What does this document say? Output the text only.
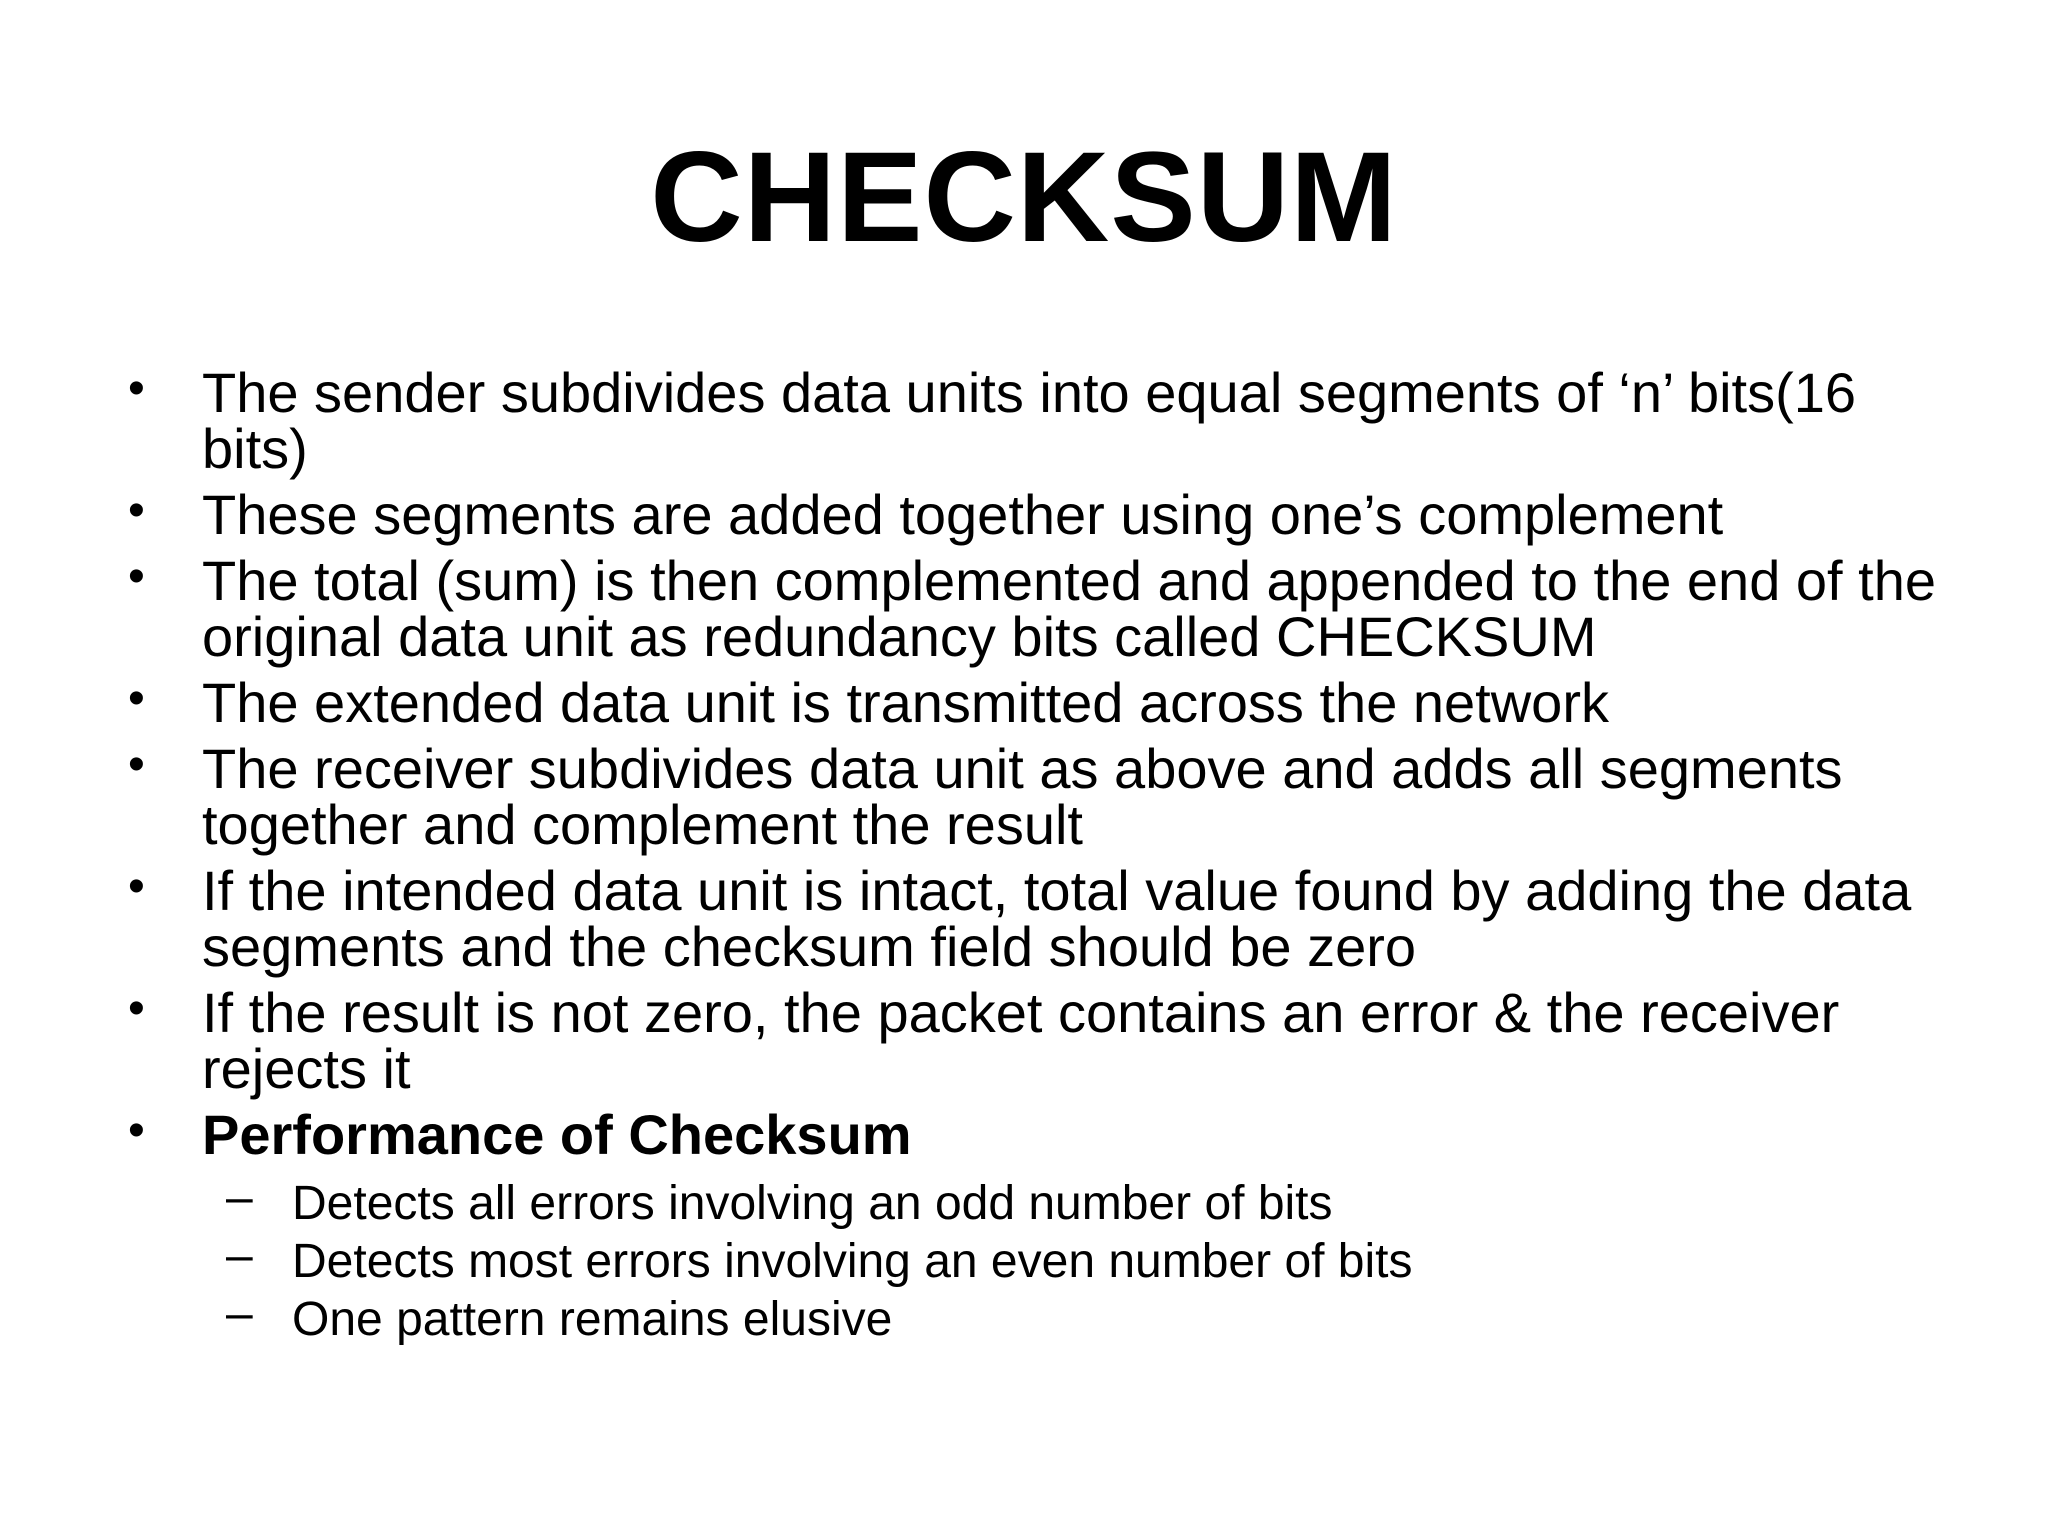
CHECKSUM
• The sender subdivides data units into equal segments of ‘n’ bits(16 bits)
• These segments are added together using one’s complement
• The total (sum) is then complemented and appended to the end of the original data unit as redundancy bits called CHECKSUM
• The extended data unit is transmitted across the network
• The receiver subdivides data unit as above and adds all segments together and complement the result
• If the intended data unit is intact, total value found by adding the data segments and the checksum field should be zero
• If the result is not zero, the packet contains an error & the receiver rejects it
• Performance of Checksum
– Detects all errors involving an odd number of bits
– Detects most errors involving an even number of bits
– One pattern remains elusive
